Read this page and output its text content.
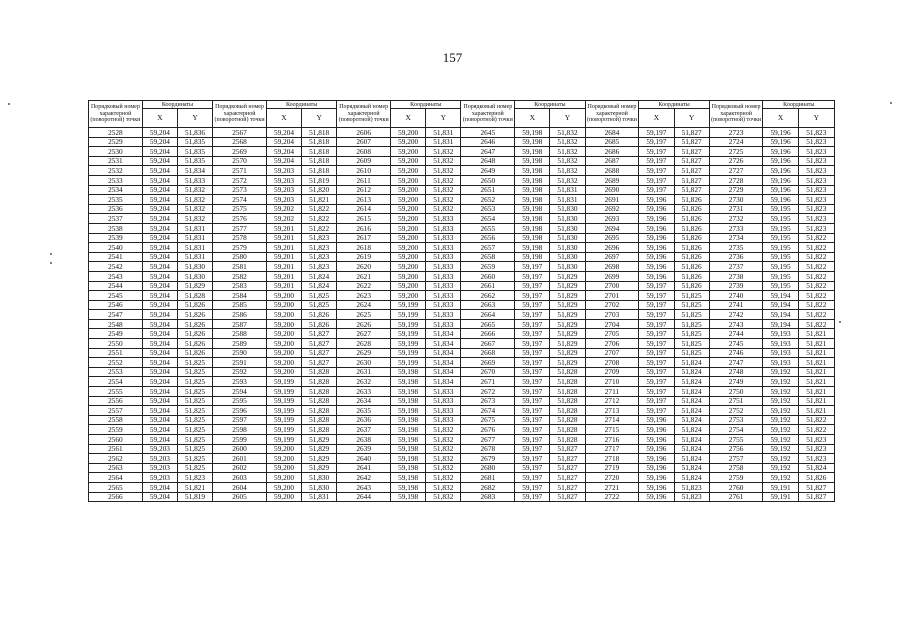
157
Порядковый номер характерной (поворотной) точки	Координаты		Порядковый номер характерной (поворотной) точки	Координаты		Порядковый номер характерной (поворотной) точки	Координаты		Порядковый номер характерной (поворотной) точки	Координаты		Порядковый номер характерной (поворотной) точки	Координаты		Порядковый номер характерной (поворотной) точки	Координаты	
	X	Y		X	Y		X	Y		X	Y		X	Y		X	Y
2528	59,204	51,836	2567	59,204	51,818	2606	59,200	51,831	2645	59,198	51,832	2684	59,197	51,827	2723	59,196	51,823
2529	59,204	51,835	2568	59,204	51,818	2607	59,200	51,831	2646	59,198	51,832	2685	59,197	51,827	2724	59,196	51,823
2530	59,204	51,835	2569	59,204	51,818	2608	59,200	51,832	2647	59,198	51,832	2686	59,197	51,827	2725	59,196	51,823
2531	59,204	51,835	2570	59,204	51,818	2609	59,200	51,832	2648	59,198	51,832	2687	59,197	51,827	2726	59,196	51,823
2532	59,204	51,834	2571	59,203	51,818	2610	59,200	51,832	2649	59,198	51,832	2688	59,197	51,827	2727	59,196	51,823
2533	59,204	51,833	2572	59,203	51,819	2611	59,200	51,832	2650	59,198	51,832	2689	59,197	51,827	2728	59,196	51,823
2534	59,204	51,832	2573	59,203	51,820	2612	59,200	51,832	2651	59,198	51,831	2690	59,197	51,827	2729	59,196	51,823
2535	59,204	51,832	2574	59,203	51,821	2613	59,200	51,832	2652	59,198	51,831	2691	59,196	51,826	2730	59,196	51,823
2536	59,204	51,832	2575	59,202	51,822	2614	59,200	51,832	2653	59,198	51,830	2692	59,196	51,826	2731	59,195	51,823
2537	59,204	51,832	2576	59,202	51,822	2615	59,200	51,833	2654	59,198	51,830	2693	59,196	51,826	2732	59,195	51,823
2538	59,204	51,831	2577	59,201	51,822	2616	59,200	51,833	2655	59,198	51,830	2694	59,196	51,826	2733	59,195	51,823
2539	59,204	51,831	2578	59,201	51,823	2617	59,200	51,833	2656	59,198	51,830	2695	59,196	51,826	2734	59,195	51,822
2540	59,204	51,831	2579	59,201	51,823	2618	59,200	51,833	2657	59,198	51,830	2696	59,196	51,826	2735	59,195	51,822
2541	59,204	51,831	2580	59,201	51,823	2619	59,200	51,833	2658	59,198	51,830	2697	59,196	51,826	2736	59,195	51,822
2542	59,204	51,830	2581	59,201	51,823	2620	59,200	51,833	2659	59,197	51,830	2698	59,196	51,826	2737	59,195	51,822
2543	59,204	51,830	2582	59,201	51,824	2621	59,200	51,833	2660	59,197	51,829	2699	59,196	51,826	2738	59,195	51,822
2544	59,204	51,829	2583	59,201	51,824	2622	59,200	51,833	2661	59,197	51,829	2700	59,197	51,826	2739	59,195	51,822
2545	59,204	51,828	2584	59,200	51,825	2623	59,200	51,833	2662	59,197	51,829	2701	59,197	51,825	2740	59,194	51,822
2546	59,204	51,826	2585	59,200	51,825	2624	59,199	51,833	2663	59,197	51,829	2702	59,197	51,825	2741	59,194	51,822
2547	59,204	51,826	2586	59,200	51,826	2625	59,199	51,833	2664	59,197	51,829	2703	59,197	51,825	2742	59,194	51,822
2548	59,204	51,826	2587	59,200	51,826	2626	59,199	51,833	2665	59,197	51,829	2704	59,197	51,825	2743	59,194	51,822
2549	59,204	51,826	2588	59,200	51,827	2627	59,199	51,834	2666	59,197	51,829	2705	59,197	51,825	2744	59,193	51,821
2550	59,204	51,826	2589	59,200	51,827	2628	59,199	51,834	2667	59,197	51,829	2706	59,197	51,825	2745	59,193	51,821
2551	59,204	51,826	2590	59,200	51,827	2629	59,199	51,834	2668	59,197	51,829	2707	59,197	51,825	2746	59,193	51,821
2552	59,204	51,825	2591	59,200	51,827	2630	59,199	51,834	2669	59,197	51,829	2708	59,197	51,824	2747	59,193	51,821
2553	59,204	51,825	2592	59,200	51,828	2631	59,198	51,834	2670	59,197	51,828	2709	59,197	51,824	2748	59,192	51,821
2554	59,204	51,825	2593	59,199	51,828	2632	59,198	51,834	2671	59,197	51,828	2710	59,197	51,824	2749	59,192	51,821
2555	59,204	51,825	2594	59,199	51,828	2633	59,198	51,833	2672	59,197	51,828	2711	59,197	51,824	2750	59,192	51,821
2556	59,204	51,825	2595	59,199	51,828	2634	59,198	51,833	2673	59,197	51,828	2712	59,197	51,824	2751	59,192	51,821
2557	59,204	51,825	2596	59,199	51,828	2635	59,198	51,833	2674	59,197	51,828	2713	59,197	51,824	2752	59,192	51,821
2558	59,204	51,825	2597	59,199	51,828	2636	59,198	51,833	2675	59,197	51,828	2714	59,196	51,824	2753	59,192	51,822
2559	59,204	51,825	2598	59,199	51,828	2637	59,198	51,832	2676	59,197	51,828	2715	59,196	51,824	2754	59,192	51,822
2560	59,204	51,825	2599	59,199	51,829	2638	59,198	51,832	2677	59,197	51,828	2716	59,196	51,824	2755	59,192	51,823
2561	59,203	51,825	2600	59,200	51,829	2639	59,198	51,832	2678	59,197	51,827	2717	59,196	51,824	2756	59,192	51,823
2562	59,203	51,825	2601	59,200	51,829	2640	59,198	51,832	2679	59,197	51,827	2718	59,196	51,824	2757	59,192	51,823
2563	59,203	51,825	2602	59,200	51,829	2641	59,198	51,832	2680	59,197	51,827	2719	59,196	51,824	2758	59,192	51,824
2564	59,203	51,823	2603	59,200	51,830	2642	59,198	51,832	2681	59,197	51,827	2720	59,196	51,824	2759	59,192	51,826
2565	59,204	51,821	2604	59,200	51,830	2643	59,198	51,832	2682	59,197	51,827	2721	59,196	51,823	2760	59,191	51,827
2566	59,204	51,819	2605	59,200	51,831	2644	59,198	51,832	2683	59,197	51,827	2722	59,196	51,823	2761	59,191	51,827
